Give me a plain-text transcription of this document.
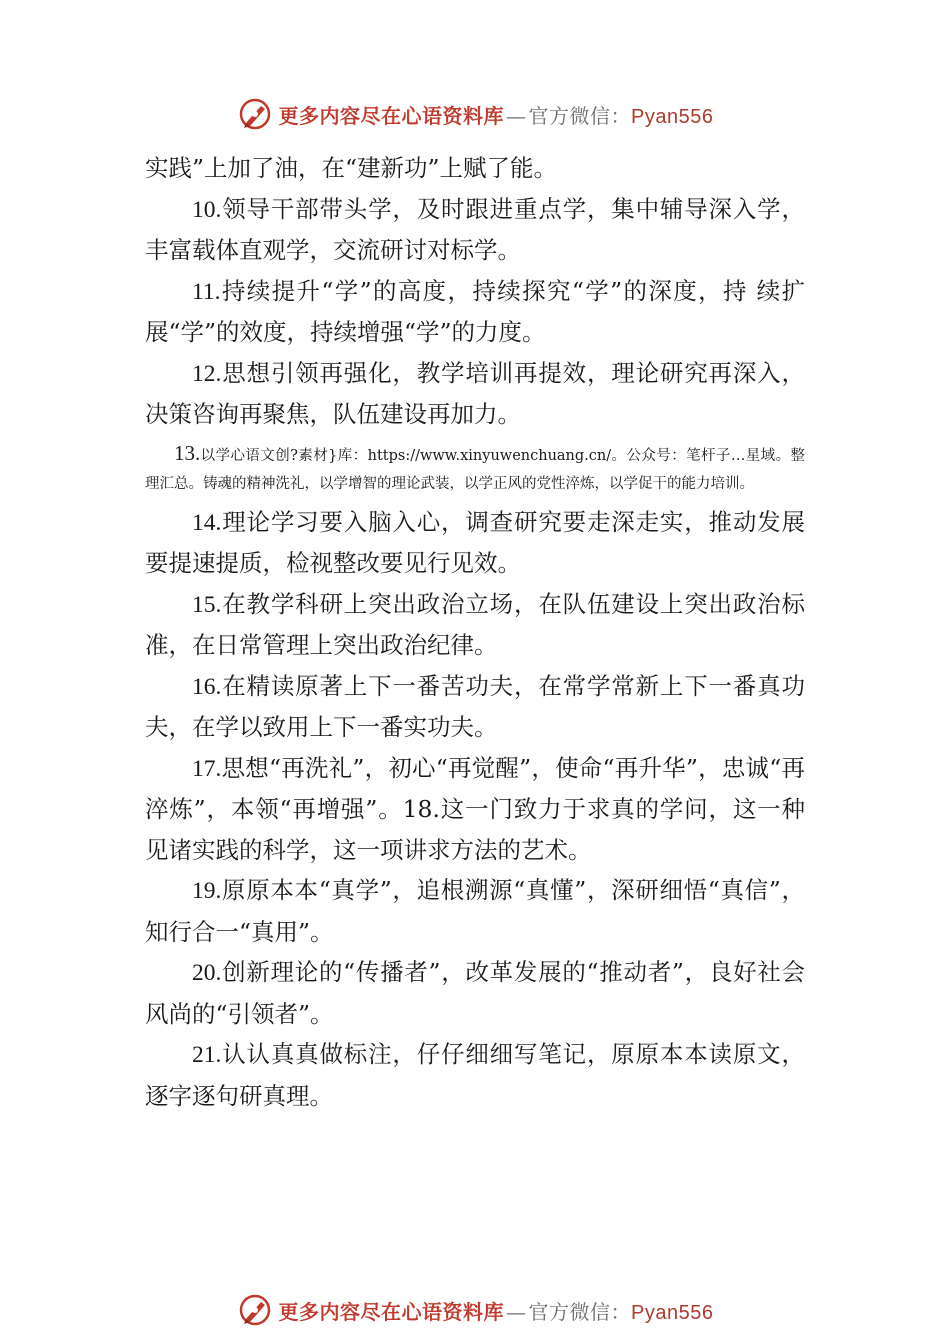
更多内容尽在心语资料库 — 官方微信：Pyan556

实践”上加了油，在“建新功”上赋了能。

10.领导干部带头学，及时跟进重点学，集中辅导深入学，丰富载体直观学，交流研讨对标学。

11.持续提升“学”的高度，持续探究“学”的深度，持 续扩展“学”的效度，持续增强“学”的力度。

12.思想引领再强化，教学培训再提效，理论研究再深入，决策咨询再聚焦，队伍建设再加力。

13.以学心语文创?素材}库：https://www.xinyuwenchuang.cn/。公众号：笔杆子…星域。整理汇总。铸魂的精神洗礼，以学增智的理论武装，以学正风的党性淬炼，以学促干的能力培训。

14.理论学习要入脑入心，调查研究要走深走实，推动发展要提速提质，检视整改要见行见效。

15.在教学科研上突出政治立场，在队伍建设上突出政治标准，在日常管理上突出政治纪律。

16.在精读原著上下一番苦功夫，在常学常新上下一番真功夫，在学以致用上下一番实功夫。

17.思想“再洗礼”，初心“再觉醒”，使命“再升华”，忠诚“再淬炼”，本领“再增强”。18.这一门致力于求真的学问，这一种见诸实践的科学，这一项讲求方法的艺术。

19.原原本本“真学”，追根溯源“真懂”，深研细悟“真信”，知行合一“真用”。

20.创新理论的“传播者”，改革发展的“推动者”，良好社会风尚的“引领者”。

21.认认真真做标注，仔仔细细写笔记，原原本本读原文，逐字逐句研真理。

更多内容尽在心语资料库 — 官方微信：Pyan556
